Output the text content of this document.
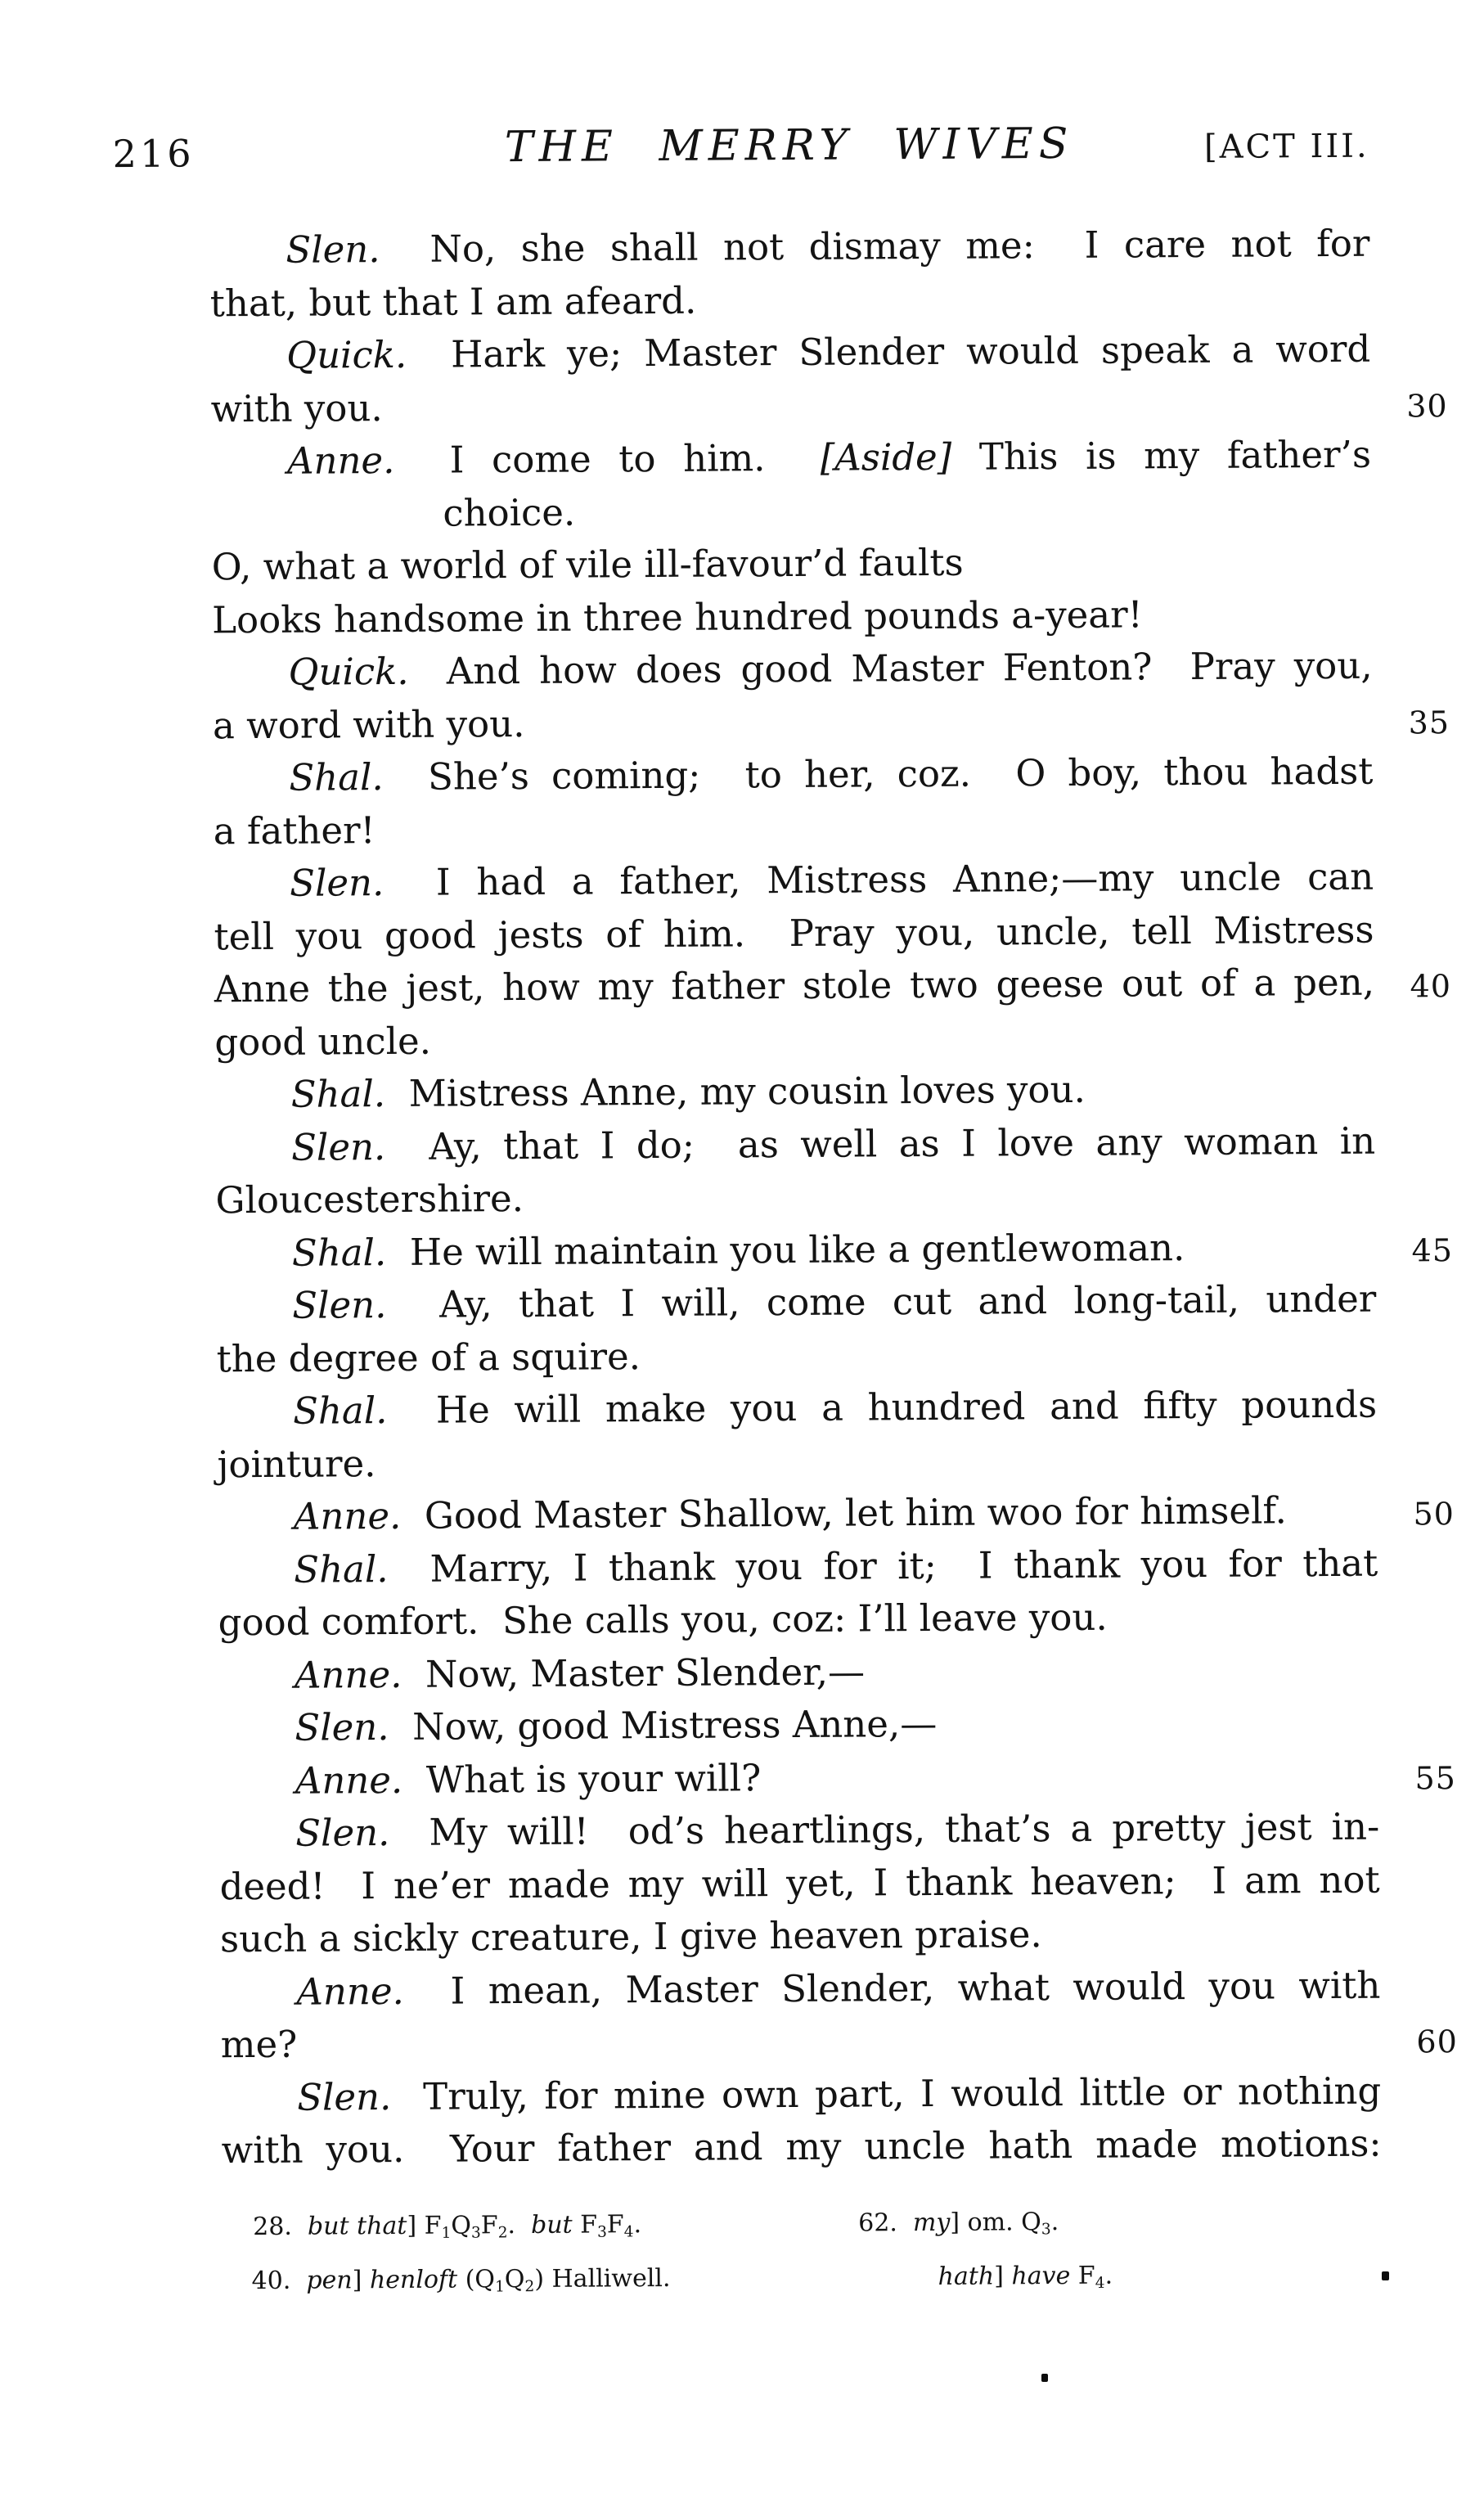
216	THE MERRY WIVES	[ACT III.
Slen.  No, she shall not dismay me:  I care not for
that, but that I am afeard.
Quick.  Hark ye; Master Slender would speak a word
with you.	30
Anne.  I come to him.  [Aside] This is my father’s
choice.
O, what a world of vile ill-favour’d faults
Looks handsome in three hundred pounds a-year!
Quick.  And how does good Master Fenton?  Pray you,
a word with you.	35
Shal.  She’s coming;  to her, coz.  O boy, thou hadst
a father!
Slen.  I had a father, Mistress Anne;—my uncle can
tell you good jests of him.  Pray you, uncle, tell Mistress
Anne the jest, how my father stole two geese out of a pen, 40
good uncle.
Shal.  Mistress Anne, my cousin loves you.
Slen.  Ay, that I do;  as well as I love any woman in
Gloucestershire.
Shal.  He will maintain you like a gentlewoman.	45
Slen.  Ay, that I will, come cut and long-tail, under
the degree of a squire.
Shal.  He will make you a hundred and fifty pounds
jointure.
Anne.  Good Master Shallow, let him woo for himself.	50
Shal.  Marry, I thank you for it;  I thank you for that
good comfort.  She calls you, coz: I’ll leave you.
Anne.  Now, Master Slender,—
Slen.  Now, good Mistress Anne,—
Anne.  What is your will?	55
Slen.  My will!  od’s heartlings, that’s a pretty jest in-
deed!  I ne’er made my will yet, I thank heaven;  I am not
such a sickly creature, I give heaven praise.
Anne.  I mean, Master Slender, what would you with
me?	60
Slen.  Truly, for mine own part, I would little or nothing
with you.  Your father and my uncle hath made motions:
28.  but that] F1Q3F2.  but F3F4.	62.  my] om. Q3.
40.  pen] henloft (Q1Q2) Halliwell.	hath] have F4.
